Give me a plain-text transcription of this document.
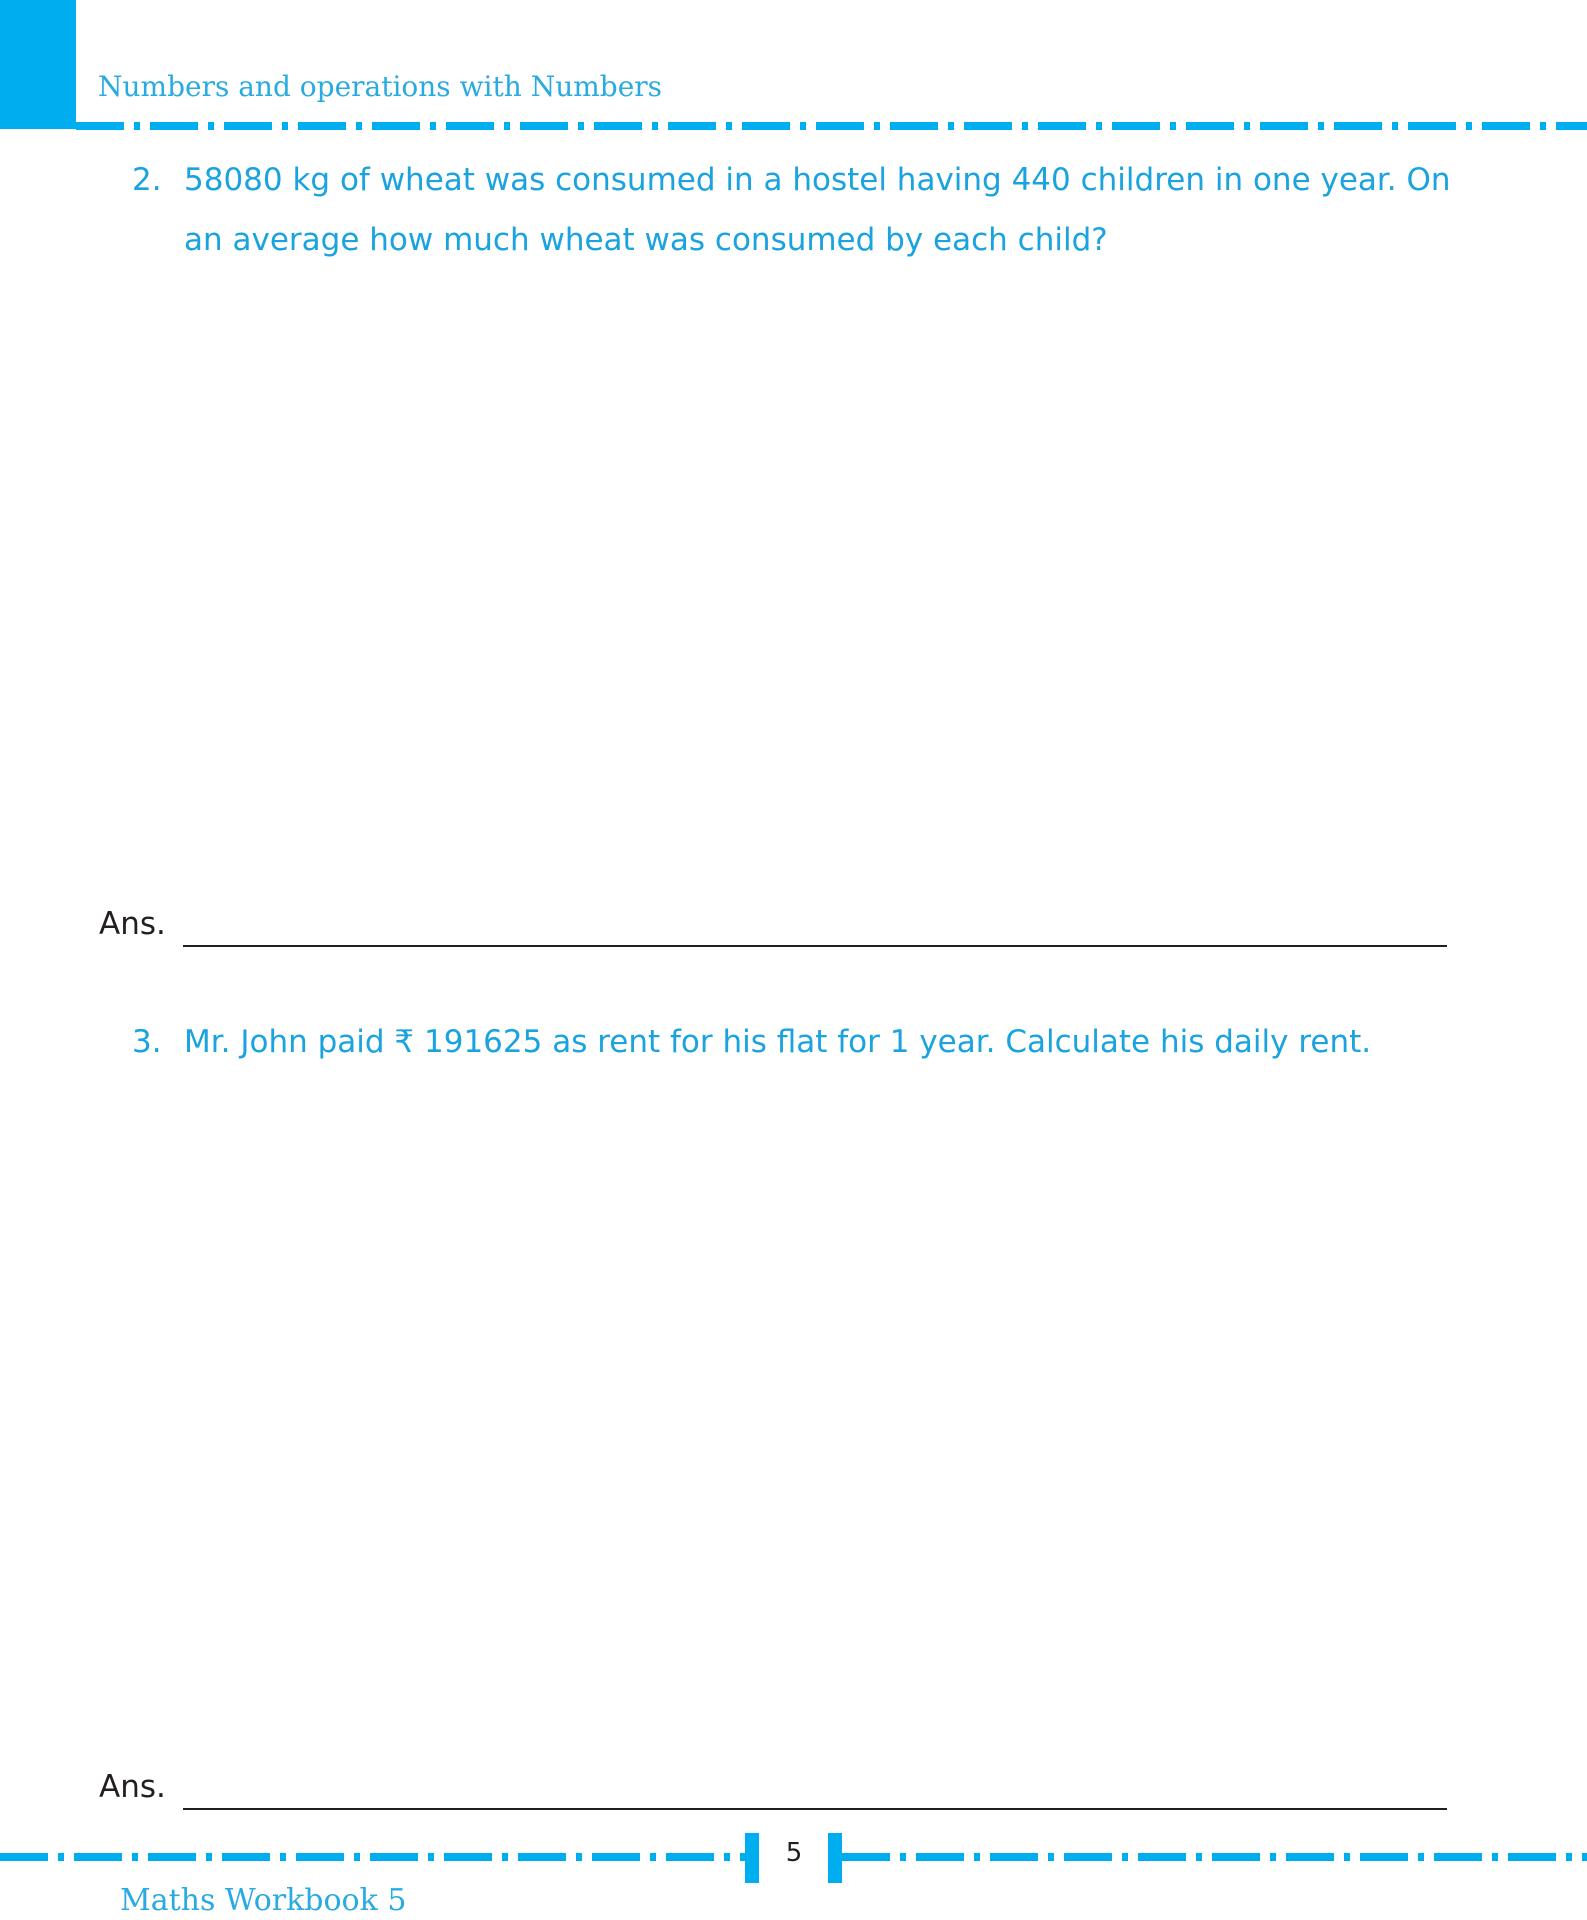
Numbers and operations with Numbers
2. 58080 kg of wheat was consumed in a hostel having 440 children in one year. On
an average how much wheat was consumed by each child?
Ans.
3. Mr. John paid ₹ 191625 as rent for his flat for 1 year. Calculate his daily rent.
Ans.
5
Maths Workbook 5
